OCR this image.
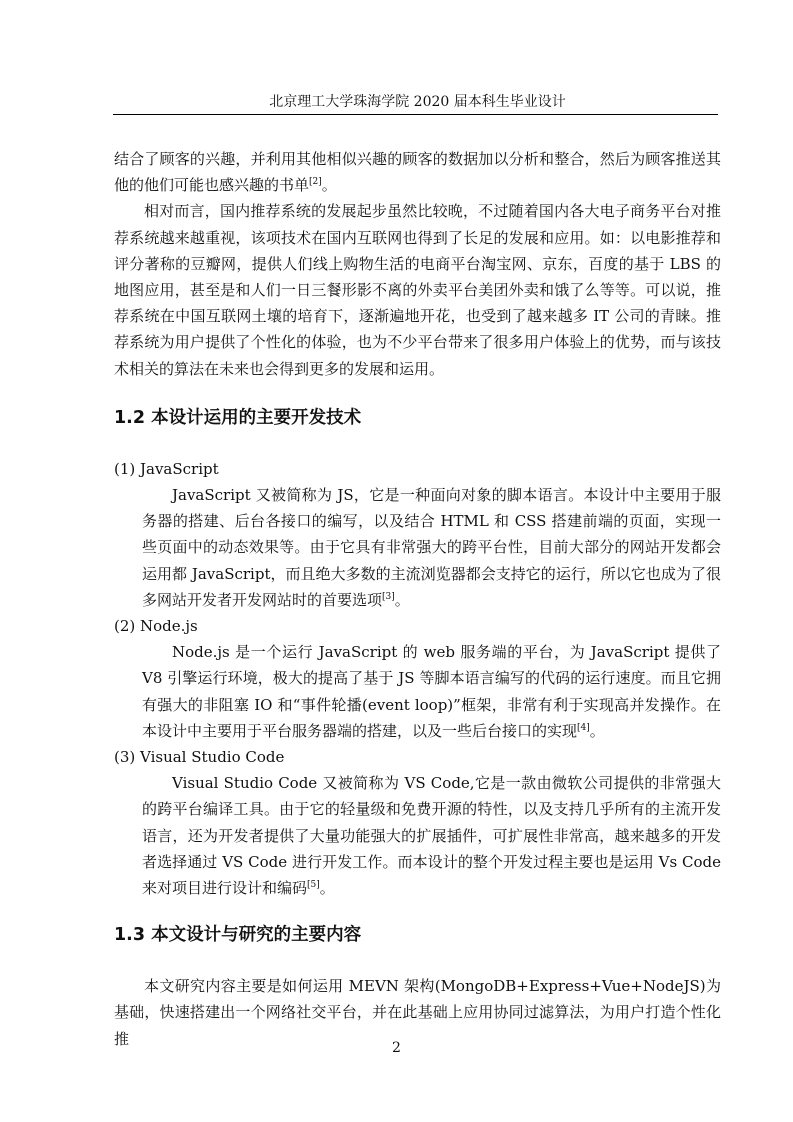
北京理工大学珠海学院 2020 届本科生毕业设计

结合了顾客的兴趣，并利用其他相似兴趣的顾客的数据加以分析和整合，然后为顾客推送其他的他们可能也感兴趣的书单[2]。

相对而言，国内推荐系统的发展起步虽然比较晚，不过随着国内各大电子商务平台对推荐系统越来越重视，该项技术在国内互联网也得到了长足的发展和应用。如：以电影推荐和评分著称的豆瓣网，提供人们线上购物生活的电商平台淘宝网、京东，百度的基于 LBS 的地图应用，甚至是和人们一日三餐形影不离的外卖平台美团外卖和饿了么等等。可以说，推荐系统在中国互联网土壤的培育下，逐渐遍地开花，也受到了越来越多 IT 公司的青睐。推荐系统为用户提供了个性化的体验，也为不少平台带来了很多用户体验上的优势，而与该技术相关的算法在未来也会得到更多的发展和运用。

1.2 本设计运用的主要开发技术
(1) JavaScript

JavaScript 又被简称为 JS，它是一种面向对象的脚本语言。本设计中主要用于服务器的搭建、后台各接口的编写，以及结合 HTML 和 CSS 搭建前端的页面，实现一些页面中的动态效果等。由于它具有非常强大的跨平台性，目前大部分的网站开发都会运用都 JavaScript，而且绝大多数的主流浏览器都会支持它的运行，所以它也成为了很多网站开发者开发网站时的首要选项[3]。

(2) Node.js

Node.js 是一个运行 JavaScript 的 web 服务端的平台，为 JavaScript 提供了 V8 引擎运行环境，极大的提高了基于 JS 等脚本语言编写的代码的运行速度。而且它拥有强大的非阻塞 IO 和“事件轮播(event loop)”框架，非常有利于实现高并发操作。在本设计中主要用于平台服务器端的搭建，以及一些后台接口的实现[4]。

(3) Visual Studio Code

Visual Studio Code 又被简称为 VS Code,它是一款由微软公司提供的非常强大的跨平台编译工具。由于它的轻量级和免费开源的特性，以及支持几乎所有的主流开发语言，还为开发者提供了大量功能强大的扩展插件，可扩展性非常高，越来越多的开发者选择通过 VS Code 进行开发工作。而本设计的整个开发过程主要也是运用 Vs Code 来对项目进行设计和编码[5]。

1.3 本文设计与研究的主要内容

本文研究内容主要是如何运用 MEVN 架构(MongoDB+Express+Vue+NodeJS)为基础，快速搭建出一个网络社交平台，并在此基础上应用协同过滤算法，为用户打造个性化推

2
